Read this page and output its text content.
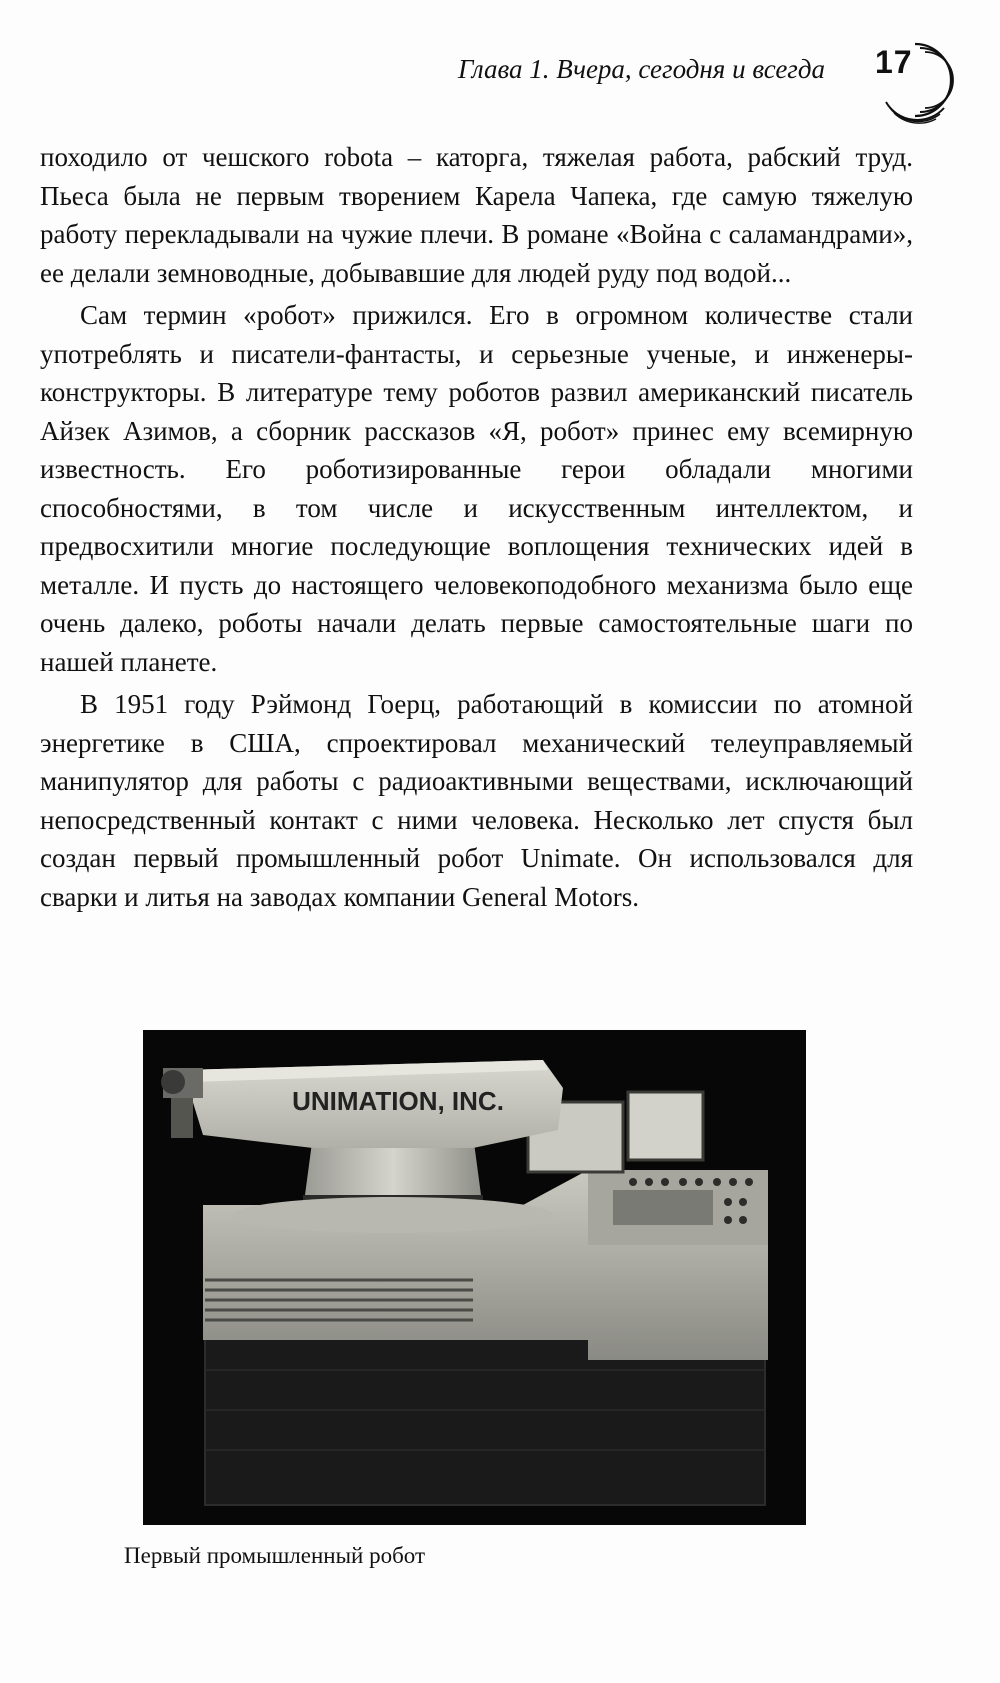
Глава 1. Вчера, сегодня и всегда 17

походило от чешского robota – каторга, тяжелая работа, рабский труд. Пьеса была не первым творением Карела Чапека, где самую тяжелую работу перекладывали на чужие плечи. В романе «Война с саламандрами», ее делали земноводные, добывавшие для людей руду под водой...

Сам термин «робот» прижился. Его в огромном количестве стали употреблять и писатели-фантасты, и серьезные ученые, и инженеры-конструкторы. В литературе тему роботов развил американский писатель Айзек Азимов, а сборник рассказов «Я, робот» принес ему всемирную известность. Его роботизированные герои обладали многими способностями, в том числе и искусственным интеллектом, и предвосхитили многие последующие воплощения технических идей в металле. И пусть до настоящего человекоподобного механизма было еще очень далеко, роботы начали делать первые самостоятельные шаги по нашей планете.

В 1951 году Рэймонд Гоерц, работающий в комиссии по атомной энергетике в США, спроектировал механический телеуправляемый манипулятор для работы с радиоактивными веществами, исключающий непосредственный контакт с ними человека. Несколько лет спустя был создан первый промышленный робот Unimate. Он использовался для сварки и литья на заводах компании General Motors.

UNIMATION, INC.
Первый промышленный робот
